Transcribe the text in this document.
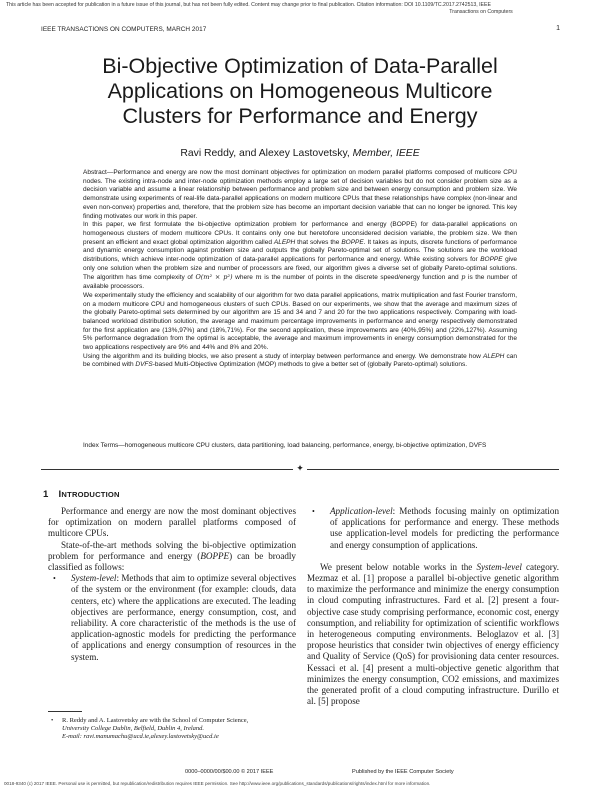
This article has been accepted for publication in a future issue of this journal, but has not been fully edited. Content may change prior to final publication. Citation information: DOI 10.1109/TC.2017.2742513, IEEE
Transactions on Computers
IEEE TRANSACTIONS ON COMPUTERS, MARCH 2017	1
Bi-Objective Optimization of Data-Parallel
Applications on Homogeneous Multicore
Clusters for Performance and Energy
Ravi Reddy, and Alexey Lastovetsky, Member, IEEE

Abstract—Performance and energy are now the most dominant objectives for optimization on modern parallel platforms composed of multicore CPU nodes. The existing intra-node and inter-node optimization methods employ a large set of decision variables but do not consider problem size as a decision variable and assume a linear relationship between performance and problem size and between energy consumption and problem size. We demonstrate using experiments of real-life data-parallel applications on modern multicore CPUs that these relationships have complex (non-linear and even non-convex) properties and, therefore, that the problem size has become an important decision variable that can no longer be ignored. This key finding motivates our work in this paper.

In this paper, we first formulate the bi-objective optimization problem for performance and energy (BOPPE) for data-parallel applications on homogeneous clusters of modern multicore CPUs. It contains only one but heretofore unconsidered decision variable, the problem size. We then present an efficient and exact global optimization algorithm called ALEPH that solves the BOPPE. It takes as inputs, discrete functions of performance and dynamic energy consumption against problem size and outputs the globally Pareto-optimal set of solutions. The solutions are the workload distributions, which achieve inter-node optimization of data-parallel applications for performance and energy. While existing solvers for BOPPE give only one solution when the problem size and number of processors are fixed, our algorithm gives a diverse set of globally Pareto-optimal solutions. The algorithm has time complexity of O(m² × p²) where m is the number of points in the discrete speed/energy function and p is the number of available processors.

We experimentally study the efficiency and scalability of our algorithm for two data parallel applications, matrix multiplication and fast Fourier transform, on a modern multicore CPU and homogeneous clusters of such CPUs. Based on our experiments, we show that the average and maximum sizes of the globally Pareto-optimal sets determined by our algorithm are 15 and 34 and 7 and 20 for the two applications respectively. Comparing with load-balanced workload distribution solution, the average and maximum percentage improvements in performance and energy respectively demonstrated for the first application are (13%,97%) and (18%,71%). For the second application, these improvements are (40%,95%) and (22%,127%). Assuming 5% performance degradation from the optimal is acceptable, the average and maximum improvements in energy consumption demonstrated for the two applications respectively are 9% and 44% and 8% and 20%.

Using the algorithm and its building blocks, we also present a study of interplay between performance and energy. We demonstrate how ALEPH can be combined with DVFS-based Multi-Objective Optimization (MOP) methods to give a better set of (globally Pareto-optimal) solutions.

Index Terms—homogeneous multicore CPU clusters, data partitioning, load balancing, performance, energy, bi-objective optimization, DVFS
✦
1 INTRODUCTION

Performance and energy are now the most dominant objectives for optimization on modern parallel platforms composed of multicore CPUs.

State-of-the-art methods solving the bi-objective optimization problem for performance and energy (BOPPE) can be broadly classified as follows:

• System-level: Methods that aim to optimize several objectives of the system or the environment (for example: clouds, data centers, etc) where the applications are executed. The leading objectives are performance, energy consumption, cost, and reliability. A core characteristic of the methods is the use of application-agnostic models for predicting the performance of applications and energy consumption of resources in the system.
• Application-level: Methods focusing mainly on optimization of applications for performance and energy. These methods use application-level models for predicting the performance and energy consumption of applications.

We present below notable works in the System-level category. Mezmaz et al. [1] propose a parallel bi-objective genetic algorithm to maximize the performance and minimize the energy consumption in cloud computing infrastructures. Fard et al. [2] present a four-objective case study comprising performance, economic cost, energy consumption, and reliability for optimization of scientific workflows in heterogeneous computing environments. Beloglazov et al. [3] propose heuristics that consider twin objectives of energy efficiency and Quality of Service (QoS) for provisioning data center resources. Kessaci et al. [4] present a multi-objective genetic algorithm that minimizes the energy consumption, CO2 emissions, and maximizes the generated profit of a cloud computing infrastructure. Durillo et al. [5] propose

•	R. Reddy and A. Lastovetsky are with the School of Computer Science,
University College Dublin, Belfield, Dublin 4, Ireland.
E-mail: ravi.manumachu@ucd.ie,alexey.lastovetsky@ucd.ie
0000–0000/00/$00.00 © 2017 IEEE	Published by the IEEE Computer Society
0018-9340 (c) 2017 IEEE. Personal use is permitted, but republication/redistribution requires IEEE permission. See http://www.ieee.org/publications_standards/publications/rights/index.html for more information.
